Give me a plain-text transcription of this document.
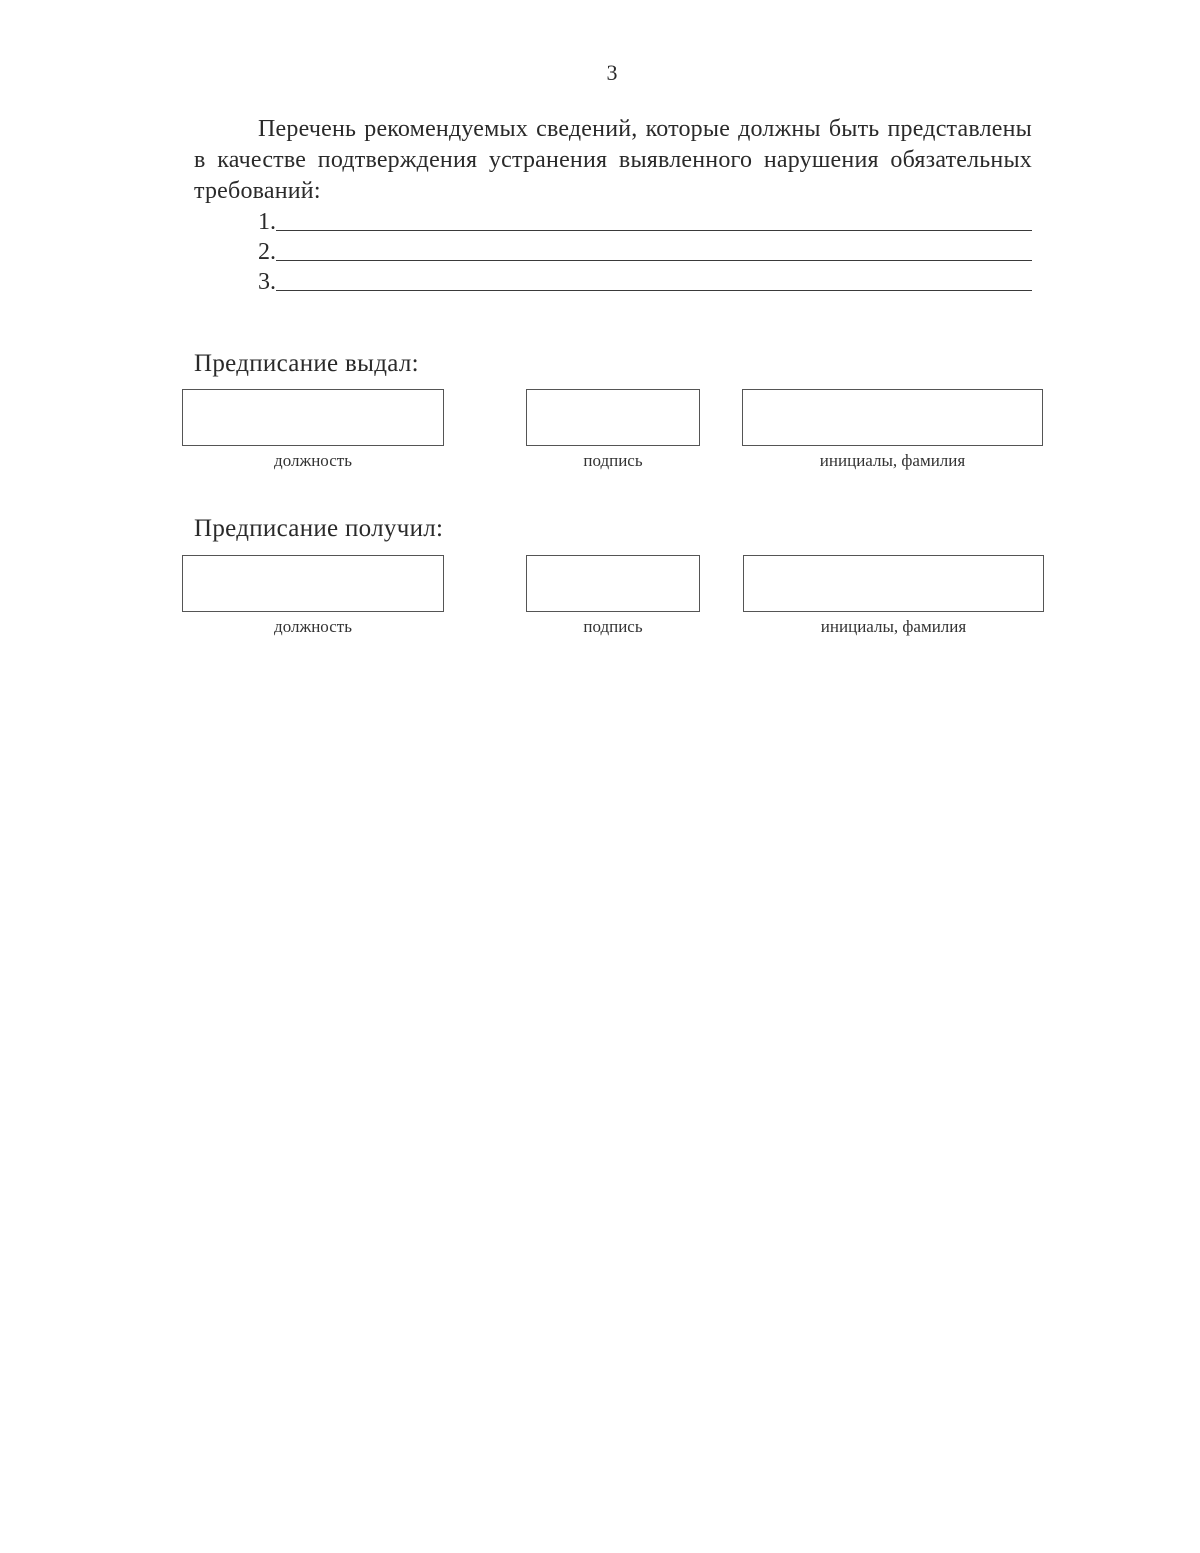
3

Перечень рекомендуемых сведений, которые должны быть представлены в качестве подтверждения устранения выявленного нарушения обязательных требований:

1.
2.
3.
Предписание выдал:
должность	подпись	инициалы, фамилия
Предписание получил:
должность	подпись	инициалы, фамилия
